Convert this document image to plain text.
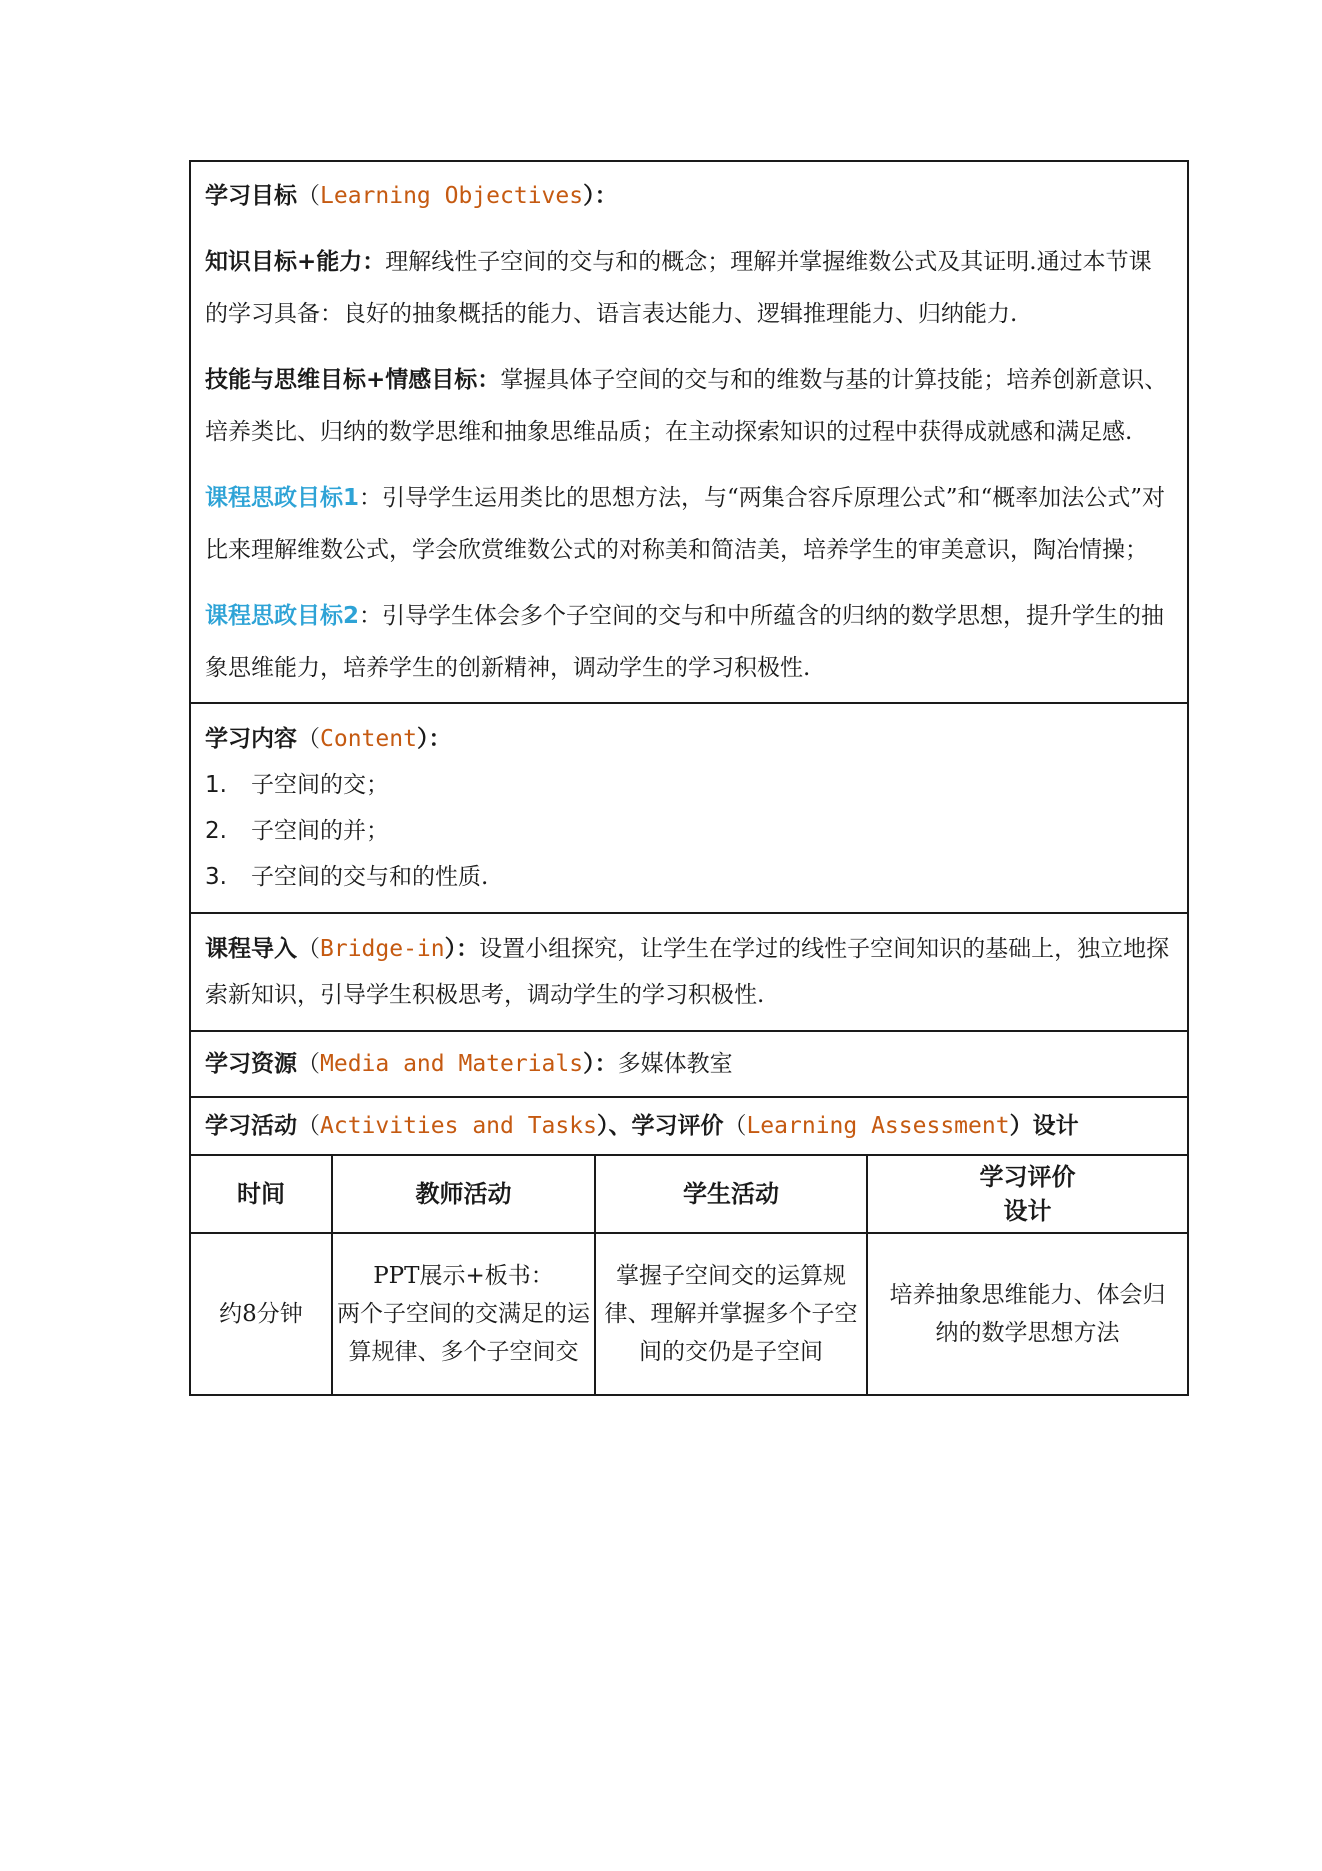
学习目标（Learning Objectives）：

知识目标+能力：理解线性子空间的交与和的概念；理解并掌握维数公式及其证明.通过本节课的学习具备：良好的抽象概括的能力、语言表达能力、逻辑推理能力、归纳能力.

技能与思维目标+情感目标：掌握具体子空间的交与和的维数与基的计算技能；培养创新意识、培养类比、归纳的数学思维和抽象思维品质；在主动探索知识的过程中获得成就感和满足感.

课程思政目标1：引导学生运用类比的思想方法，与“两集合容斥原理公式”和“概率加法公式”对比来理解维数公式，学会欣赏维数公式的对称美和简洁美，培养学生的审美意识，陶冶情操；

课程思政目标2：引导学生体会多个子空间的交与和中所蕴含的归纳的数学思想，提升学生的抽象思维能力，培养学生的创新精神，调动学生的学习积极性.			

学习内容（Content）：

1. 子空间的交；
2. 子空间的并；
3. 子空间的交与和的性质.			

课程导入（Bridge-in）：设置小组探究，让学生在学过的线性子空间知识的基础上，独立地探索新知识，引导学生积极思考，调动学生的学习积极性.			

学习资源（Media and Materials）：多媒体教室			

学习活动（Activities and Tasks）、学习评价（Learning Assessment）设计			

时间	教师活动	学生活动	学习评价
设计

约8分钟	PPT展示+板书：
两个子空间的交满足的运算规律、多个子空间交	掌握子空间交的运算规律、理解并掌握多个子空间的交仍是子空间	培养抽象思维能力、体会归纳的数学思想方法
